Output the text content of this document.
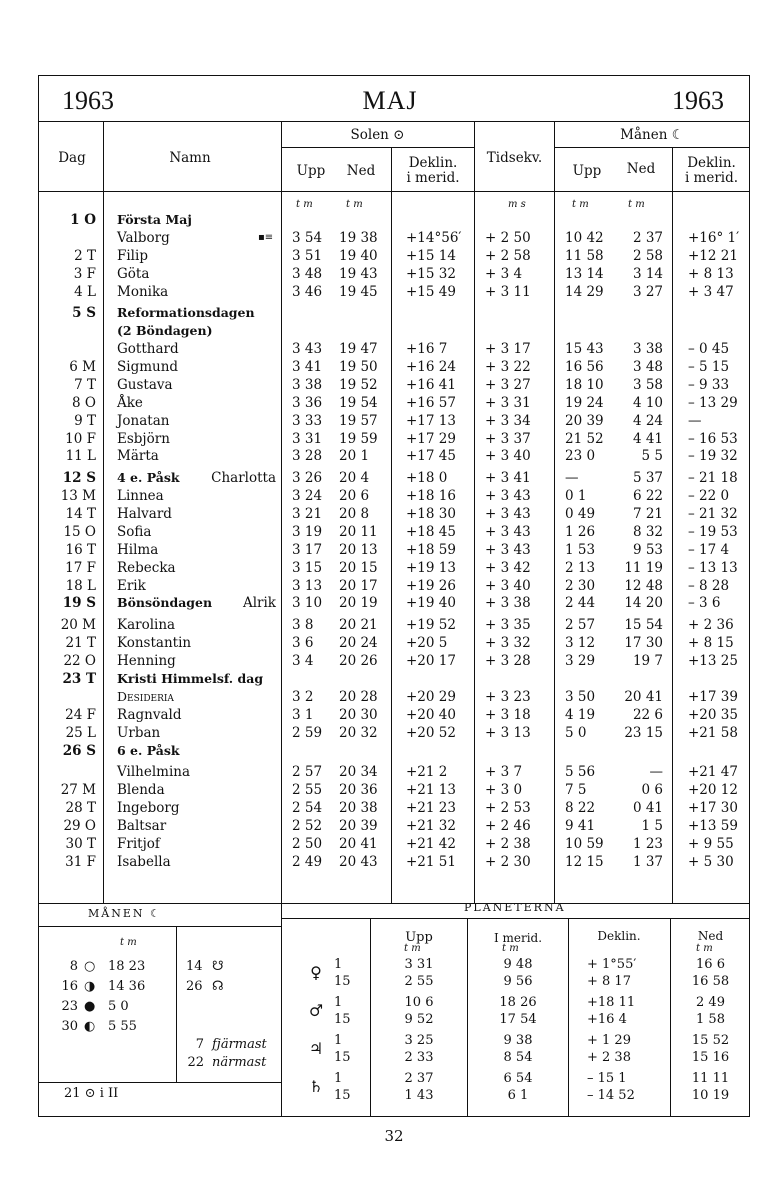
1963	MAJ	1963
Dag	Namn
Solen ⊙
Upp	Ned	Deklin.
i merid.
Tidsekv.
Månen ☾
Upp	Ned	Deklin.
i merid.
t m	t m	m s	t m	t m
1 O Första Maj
Valborg	▪︎≡ 3 54	19 38	+14°56′	+ 2 50	10 42	2 37 +16° 1′
2 T Filip	3 51	19 40	+15 14	+ 2 58	11 58	2 58 +12 21
3 F Göta	3 48	19 43	+15 32	+ 3 4	13 14	3 14 + 8 13
4 L Monika	3 46	19 45	+15 49	+ 3 11	14 29	3 27 + 3 47
5 S Reformationsdagen
(2 Böndagen)
Gotthard	3 43	19 47	+16 7	+ 3 17	15 43	3 38 – 0 45
6 M Sigmund	3 41	19 50	+16 24	+ 3 22	16 56	3 48 – 5 15
7 T Gustava	3 38	19 52	+16 41	+ 3 27	18 10	3 58 – 9 33
8 O Åke	3 36	19 54	+16 57	+ 3 31	19 24	4 10 – 13 29
9 T Jonatan	3 33	19 57	+17 13	+ 3 34	20 39	4 24 —
10 F Esbjörn	3 31	19 59	+17 29	+ 3 37	21 52	4 41 – 16 53
11 L Märta	3 28	20 1	+17 45	+ 3 40	23 0	5 5 – 19 32
12 S 4 e. Påsk Charlotta 3 26	20 4	+18 0	+ 3 41	—	5 37 – 21 18
13 M Linnea	3 24	20 6	+18 16	+ 3 43	0 1	6 22 – 22 0
14 T Halvard	3 21	20 8	+18 30	+ 3 43	0 49	7 21 – 21 32
15 O Sofia	3 19	20 11	+18 45	+ 3 43	1 26	8 32 – 19 53
16 T Hilma	3 17	20 13	+18 59	+ 3 43	1 53	9 53 – 17 4
17 F Rebecka	3 15	20 15	+19 13	+ 3 42	2 13	11 19 – 13 13
18 L Erik	3 13	20 17	+19 26	+ 3 40	2 30	12 48 – 8 28
19 S Bönsöndagen Alrik 3 10	20 19	+19 40	+ 3 38	2 44	14 20 – 3 6
20 M Karolina	3 8	20 21	+19 52	+ 3 35	2 57	15 54 + 2 36
21 T Konstantin	3 6	20 24	+20 5	+ 3 32	3 12	17 30 + 8 15
22 O Henning	3 4	20 26	+20 17	+ 3 28	3 29	19 7 +13 25
23 T Kristi Himmelsf. dag
Desideria	3 2	20 28	+20 29	+ 3 23	3 50	20 41 +17 39
24 F Ragnvald	3 1	20 30	+20 40	+ 3 18	4 19	22 6 +20 35
25 L Urban	2 59	20 32	+20 52	+ 3 13	5 0	23 15 +21 58
26 S 6 e. Påsk
Vilhelmina	2 57	20 34	+21 2	+ 3 7	5 56	— +21 47
27 M Blenda	2 55	20 36	+21 13	+ 3 0	7 5	0 6 +20 12
28 T Ingeborg	2 54	20 38	+21 23	+ 2 53	8 22	0 41 +17 30
29 O Baltsar	2 52	20 39	+21 32	+ 2 46	9 41	1 5 +13 59
30 T Fritjof	2 50	20 41	+21 42	+ 2 38	10 59	1 23 + 9 55
31 F Isabella	2 49	20 43	+21 51	+ 2 30	12 15	1 37 + 5 30
MÅNEN ☾
t m
8 ○ 18 23
16 ◑ 14 36
23 ● 5 0
30 ◐ 5 55
14 ☋
26 ☊
7 fjärmast
22 närmast
21 ⊙ i II
PLANETERNA
Upp	I merid.	Deklin.	Ned
t m	t m	t m
♀ 1	3 31	9 48	+ 1°55′	16 6
15	2 55	9 56	+ 8 17	16 58
♂ 1	10 6	18 26	+18 11	2 49
15	9 52	17 54	+16 4	1 58
♃ 1	3 25	9 38	+ 1 29	15 52
15	2 33	8 54	+ 2 38	15 16
♄ 1	2 37	6 54	– 15 1	11 11
15	1 43	6 1	– 14 52	10 19
32
